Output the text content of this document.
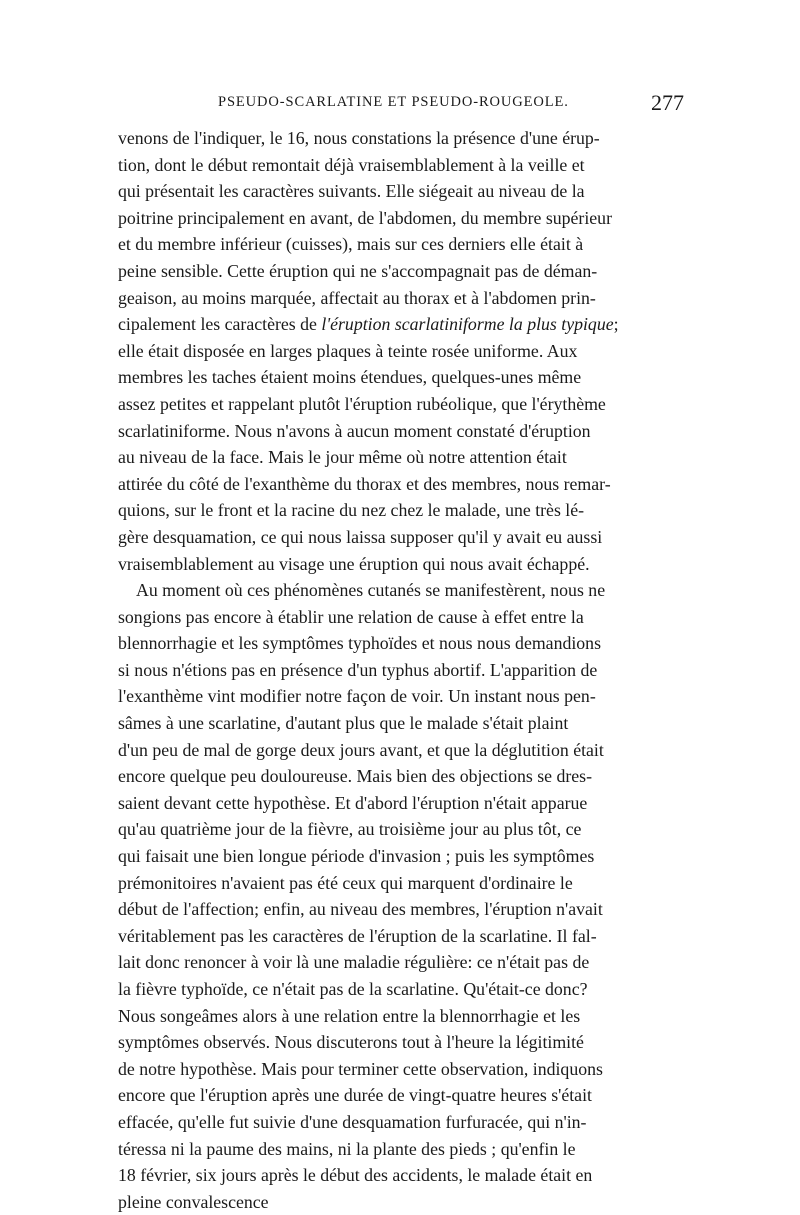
PSEUDO-SCARLATINE ET PSEUDO-ROUGEOLE.	277
venons de l'indiquer, le 16, nous constations la présence d'une érup-
tion, dont le début remontait déjà vraisemblablement à la veille et
qui présentait les caractères suivants. Elle siégeait au niveau de la
poitrine principalement en avant, de l'abdomen, du membre supérieur
et du membre inférieur (cuisses), mais sur ces derniers elle était à
peine sensible. Cette éruption qui ne s'accompagnait pas de déman-
geaison, au moins marquée, affectait au thorax et à l'abdomen prin-
cipalement les caractères de l'éruption scarlatiniforme la plus typique;
elle était disposée en larges plaques à teinte rosée uniforme. Aux
membres les taches étaient moins étendues, quelques-unes même
assez petites et rappelant plutôt l'éruption rubéolique, que l'érythème
scarlatiniforme. Nous n'avons à aucun moment constaté d'éruption
au niveau de la face. Mais le jour même où notre attention était
attirée du côté de l'exanthème du thorax et des membres, nous remar-
quions, sur le front et la racine du nez chez le malade, une très lé-
gère desquamation, ce qui nous laissa supposer qu'il y avait eu aussi
vraisemblablement au visage une éruption qui nous avait échappé.
Au moment où ces phénomènes cutanés se manifestèrent, nous ne
songions pas encore à établir une relation de cause à effet entre la
blennorrhagie et les symptômes typhoïdes et nous nous demandions
si nous n'étions pas en présence d'un typhus abortif. L'apparition de
l'exanthème vint modifier notre façon de voir. Un instant nous pen-
sâmes à une scarlatine, d'autant plus que le malade s'était plaint
d'un peu de mal de gorge deux jours avant, et que la déglutition était
encore quelque peu douloureuse. Mais bien des objections se dres-
saient devant cette hypothèse. Et d'abord l'éruption n'était apparue
qu'au quatrième jour de la fièvre, au troisième jour au plus tôt, ce
qui faisait une bien longue période d'invasion ; puis les symptômes
prémonitoires n'avaient pas été ceux qui marquent d'ordinaire le
début de l'affection; enfin, au niveau des membres, l'éruption n'avait
véritablement pas les caractères de l'éruption de la scarlatine. Il fal-
lait donc renoncer à voir là une maladie régulière: ce n'était pas de
la fièvre typhoïde, ce n'était pas de la scarlatine. Qu'était-ce donc?
Nous songeâmes alors à une relation entre la blennorrhagie et les
symptômes observés. Nous discuterons tout à l'heure la légitimité
de notre hypothèse. Mais pour terminer cette observation, indiquons
encore que l'éruption après une durée de vingt-quatre heures s'était
effacée, qu'elle fut suivie d'une desquamation furfuracée, qui n'in-
téressa ni la paume des mains, ni la plante des pieds ; qu'enfin le
18 février, six jours après le début des accidents, le malade était en
pleine convalescence
